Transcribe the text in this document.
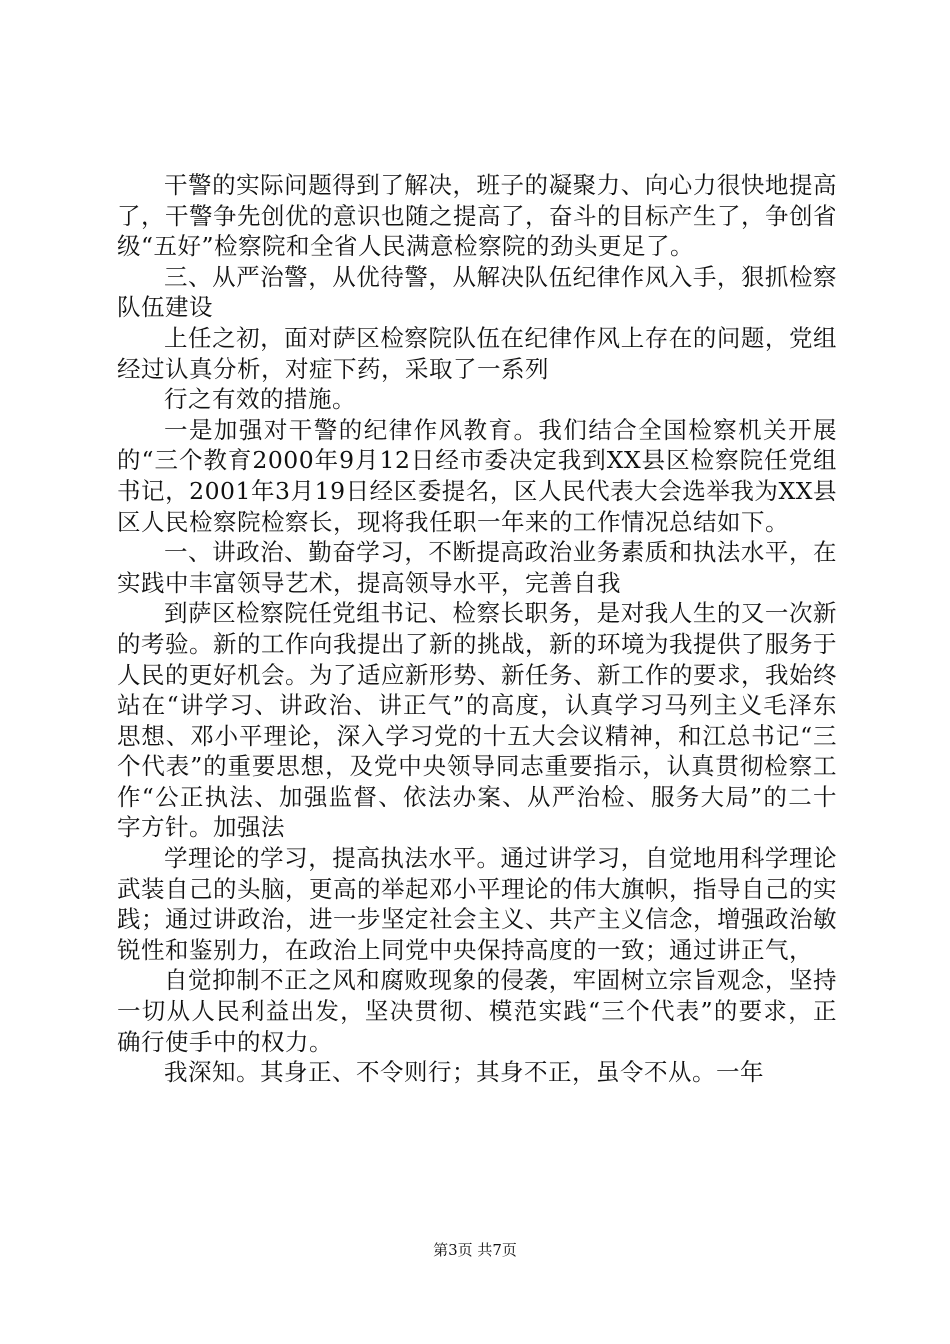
干警的实际问题得到了解决，班子的凝聚力、向心力很快地提高了，干警争先创优的意识也随之提高了，奋斗的目标产生了，争创省级“五好”检察院和全省人民满意检察院的劲头更足了。

三、从严治警，从优待警，从解决队伍纪律作风入手，狠抓检察队伍建设

上任之初，面对萨区检察院队伍在纪律作风上存在的问题，党组经过认真分析，对症下药，采取了一系列

行之有效的措施。

一是加强对干警的纪律作风教育。我们结合全国检察机关开展的“三个教育2000年9月12日经市委决定我到XX县区检察院任党组书记，2001年3月19日经区委提名，区人民代表大会选举我为XX县区人民检察院检察长，现将我任职一年来的工作情况总结如下。

一、讲政治、勤奋学习，不断提高政治业务素质和执法水平，在实践中丰富领导艺术，提高领导水平，完善自我

到萨区检察院任党组书记、检察长职务，是对我人生的又一次新的考验。新的工作向我提出了新的挑战，新的环境为我提供了服务于人民的更好机会。为了适应新形势、新任务、新工作的要求，我始终站在“讲学习、讲政治、讲正气”的高度，认真学习马列主义毛泽东思想、邓小平理论，深入学习党的十五大会议精神，和江总书记“三个代表”的重要思想，及党中央领导同志重要指示，认真贯彻检察工作“公正执法、加强监督、依法办案、从严治检、服务大局”的二十字方针。加强法

学理论的学习，提高执法水平。通过讲学习，自觉地用科学理论武装自己的头脑，更高的举起邓小平理论的伟大旗帜，指导自己的实践；通过讲政治，进一步坚定社会主义、共产主义信念，增强政治敏锐性和鉴别力，在政治上同党中央保持高度的一致；通过讲正气，

自觉抑制不正之风和腐败现象的侵袭，牢固树立宗旨观念，坚持一切从人民利益出发，坚决贯彻、模范实践“三个代表”的要求，正确行使手中的权力。

我深知。其身正、不令则行；其身不正，虽令不从。一年

第3页 共7页
